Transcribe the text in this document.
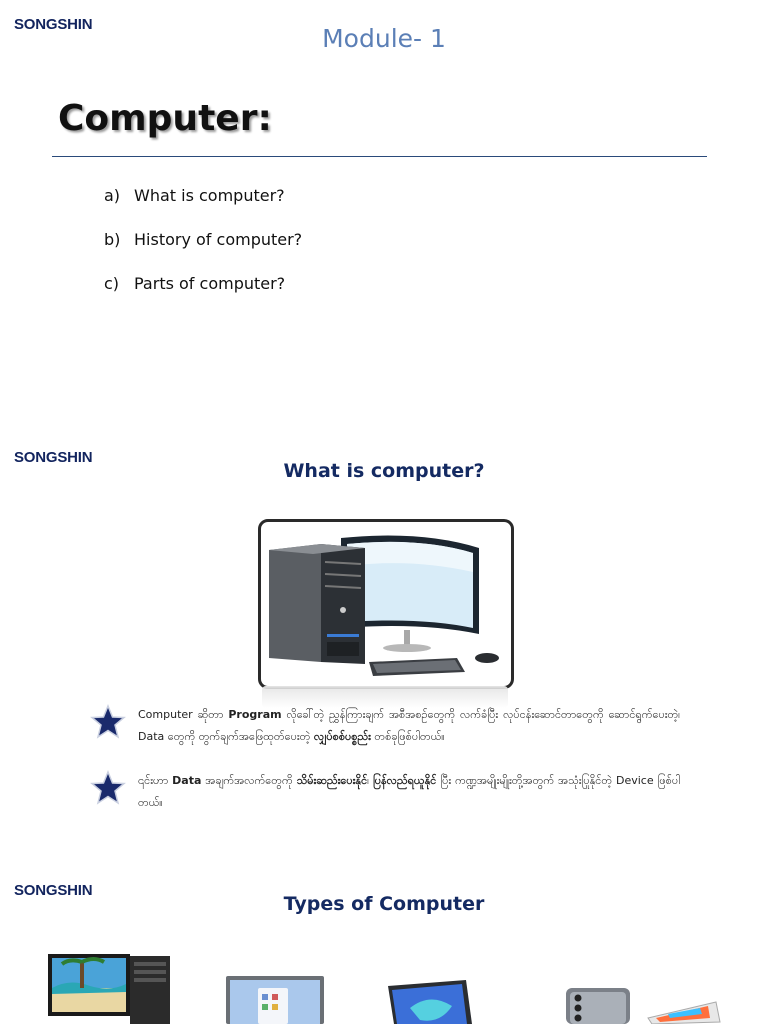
SONGSHIN	Module- 1
Computer:
a) What is computer?
b) History of computer?
c) Parts of computer?
SONGSHIN
What is computer?
Computer ဆိုတာ Program လိုခေါ်တဲ့ ညွှန်ကြားချက် အစီအစဉ်တွေကို လက်ခံပြီး လုပ်ငန်းဆောင်တာတွေကို ဆောင်ရွက်ပေးတဲ့၊ Data တွေကို တွက်ချက်အဖြေထုတ်ပေးတဲ့ လျှပ်စစ်ပစ္စည်း တစ်ခုဖြစ်ပါတယ်။
၎င်းဟာ Data အချက်အလက်တွေကို သိမ်းဆည်းပေးနိုင်၊ ပြန်လည်ရယူနိုင် ပြီး ကဏ္ဍအမျိုးမျိုးတို့အတွက် အသုံးပြုနိုင်တဲ့ Device ဖြစ်ပါတယ်။
SONGSHIN
Types of Computer
